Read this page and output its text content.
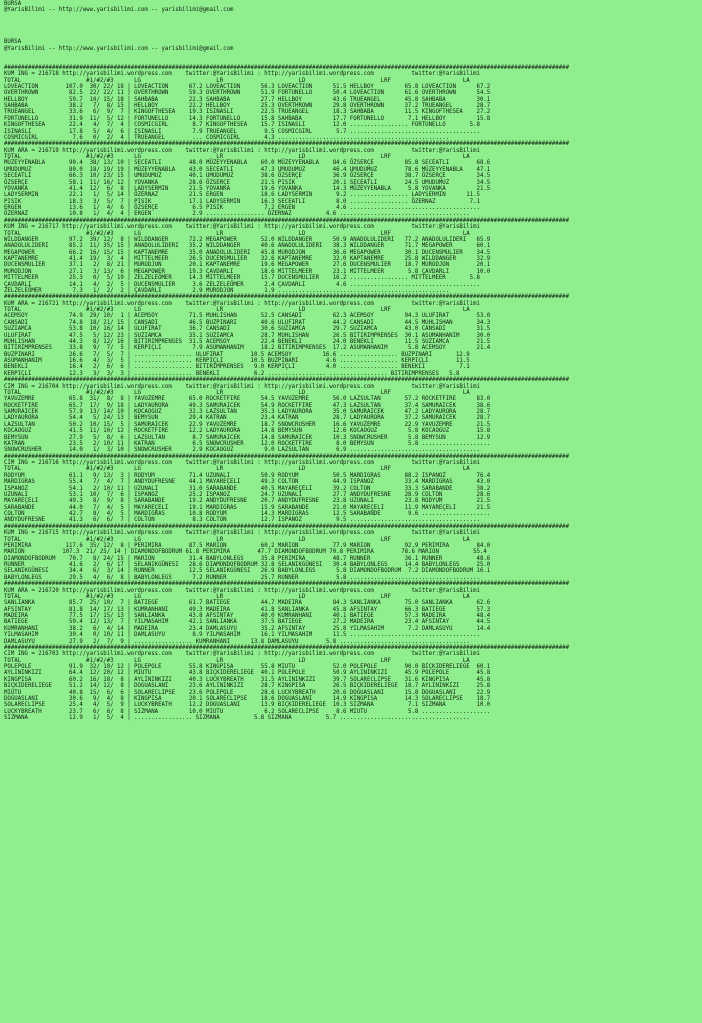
BURSA
@YarisBilimi -- http://www.yarisbilimi.com -- yarisbilimi@gmail.com

BURSA
@YarisBilimi -- http://www.yarisbilimi.com -- yarisbilimi@gmail.com

#####################################################################################################################################################################
KUM ING = 216718 http://yarisbilimi.wordpress.com    twitter:@YarisBilimi : http://yarisbilimi.wordpress.com           twitter:@YarisBilimi
TOTAL                   #1/#2/#3      LG                      LR                      LD                      LRF                     LA
LOVEACTION        107.0  30/ 22/ 18 | LOVEACTION      67.2 LOVEACTION      56.3 LOVEACTION      51.5 HELLBOY         65.8 LOVEACTION      67.2
OVERTHROWN         82.5  22/ 22/ 11 | OVERTHROWN      59.3 OVERTHROWN      51.9 FORTUNELLO      50.4 LOVEACTION      61.6 OVERTHROWN      54.5
HELLBOY            59.7  10/ 15/ 18 | SAHBABA         22.3 SAHBABA         27.7 HELLBOY         43.6 TRUEANGEL       45.8 SAHBABA         30.1
SAHBABA            38.2   7/  8/ 15 | HELLBOY         22.2 HELLBOY         25.3 OVERTHROWN      29.8 OVERTHROWN      37.2 TRUEANGEL       28.7
TRUEANGEL          33.6   6/  9/  7 | KINGOFTHESEA    19.3 ISINASLI        22.5 TRUEANGEL       18.3 SAHBABA         11.5 KINGOFTHESEA    27.2
FORTUNELLO         31.9  11/  5/ 12 | FORTUNELLO      14.3 FORTUNELLO      15.8 SAHBABA         17.7 FORTUNELLO       7.1 HELLBOY         15.8
KINGOFTHESEA       22.4   4/  7/  4 | COSMICGIRL       8.7 KINGOFTHESEA    15.7 ISINASLI        12.0 ................. FORTUNELLO       5.8
ISINASLI           17.8   5/  4/  6 | ISINASLI         7.9 TRUEANGEL        9.5 COSMICGIRL       5.7 ......................................
COSMICGIRL          7.6   0/  2/  4 | TRUEANGEL        ... COSMICGIRL       4.3 ..................................................
#####################################################################################################################################################################
KUM ARA = 216719 http://yarisbilimi.wordpress.com    twitter:@YarisBilimi : http://yarisbilimi.wordpress.com           twitter:@YarisBilimi
TOTAL                   #1/#2/#3      LG                      LR                      LD                      LRF                     LA
MÜZEYYENABLA       90.4  38/ 13/ 10 | SECEATLI        48.0 MÜZEYYENABLA    60.0 MÜZEYYENABLA    84.6 ÖZSERÇE         85.8 SECEATLI        68.6
UMUDUMUZ           80.0  18/ 19/ 19 | MÜZEYYENABLA    43.0 SECEATLI        47.3 UMUDUMUZ        46.4 UMUDUMUZ        78.6 MÜZEYYENABLA    47.1
SECEATLI           66.3  10/ 23/ 15 | UMUDUMUZ        40.1 UMUDUMUZ        38.6 ÖZSERÇE         36.9 ÖZSERÇE         38.7 ÖZSERÇE         34.5
ÖZSERÇE            58.1  11/ 16/ 12 | YOVANKA         28.6 ÖZSERÇE         21.5 PISIK           20.1 SECEATLI        24.5 UMUDUMUZ        34.5
YOVANKA            41.4  12/  6/  8 | LADYSERMIN      21.5 YOVANKA         19.6 YOVANKA         14.3 MÜZEYYENABLA     5.8 YOVANKA         21.5
LADYSERMIN         22.1   1/  5/ 14 | ÖZERNAZ         21.5 ERGEN           18.6 LADYSERMIN       9.2 ................. LADYSERMIN      11.5
PISIK              18.3   3/  5/  7 | PISIK           17.1 LADYSERMIN      16.3 SECEATLI         8.0 ................. ÖZERNAZ          7.1
ERGEN              13.6   1/  4/  6 | ÖZSERÇE          6.5 PISIK            7.2 ERGEN            4.6 ......................................
ÖZERNAZ            10.8   1/  4/  4 | ERGEN            2.9 ................. ÖZERNAZ          4.6 ......................................
#####################################################################################################################################################################
KUM ING = 216717 http://yarisbilimi.wordpress.com    twitter:@YarisBilimi : http://yarisbilimi.wordpress.com           twitter:@YarisBilimi
TOTAL                   #1/#2/#3      LG                      LR                      LD                      LRF                     LA
WILDDANGER         97.2  39/ 12/  8 | WILDDANGER      72.2 MEGAPOWER       52.0 WILDDANGER      50.9 ANADOLULIDERI   77.2 ANADOLULIDERI   65.9
ANADOLULIDERI      85.2  11/ 35/ 15 | ANADOLULIDERI   35.2 WILDDANGER      40.6 ANADOLULIDERI   38.3 WILDDANGER      71.7 MEGAPOWER       60.1
MEGAPOWER          66.2  16/ 15/ 15 | KAPTANEMRE      35.0 ANADOLULIDERI   45.8 MURODJON        36.6 MEGAPOWER       30.1 DUCENSMULIER    34.5
KAPTANEMRE         41.4  19/  3/  4 | MITTELMEER      26.5 DUCENSMULIER    32.6 KAPTANEMRE      32.0 KAPTANEMRE      25.8 WILDDANGER      32.9
DUCENSMULIER       37.1   2/  8/ 21 | MURODJON        20.1 KAPTANEMRE      19.6 MEGAPOWER       27.6 DUCENSMULIER    18.7 MURODJON        20.1
MURODJON           27.1   3/ 13/  6 | MEGAPOWER       19.3 ÇAVDARLI        18.6 MITTELMEER      23.1 MITTELMEER       5.8 ÇAVDARLI        10.0
MITTELMEER         25.3   0/  5/ 19 | ZELZELEÖMER     14.3 MITTELMEER      15.7 DUCENSMULIER    16.2 ................. MITTELMEER       5.8
ÇAVDARLI           14.1   4/  2/  5 | DUCENSMULIER     3.6 ZELZELEÖMER      2.4 ÇAVDARLI         4.6 ......................................
ZELZELEÖMER         7.3   1/  2/  2 | ÇAVDARLI         2.9 MURODJON         1.9 ..................................................
#####################################################################################################################################################################
KUM ARA = 216721 http://yarisbilimi.wordpress.com    twitter:@YarisBilimi : http://yarisbilimi.wordpress.com           twitter:@YarisBilimi
TOTAL                   #1/#2/#3      LG                      LR                      LD                      LRF                     LA
ACEMSOY            74.9  29/ 10/  1 | ACEMSOY         71.5 MUHLISHAN       52.5 CANSADI         62.3 ACEMSOY         94.3 ULUFIRAT        53.0
CANSADI            74.8  18/ 21/ 15 | CANSADI         46.5 BUZPINARI       40.6 ULUFIRAT        44.2 CANSADI         44.5 MUHLISHAN       34.3
SUZIAMCA           53.8  10/ 16/ 14 | ULUFIRAT        36.7 CANSADI         30.6 SUZIAMCA        29.7 SUZIAMCA        43.0 CANSADI         31.5
ULUFIRAT           47.5   5/ 12/ 23 | SUZIAMCA        35.1 SUZIAMCA        28.7 MUHLISHAN       26.5 BITIRIMPRENSES  30.1 ASUMANHANIM     30.0
MUHLISHAN          44.3   8/ 12/ 16 | BITIRIMPRENSES  31.5 ACEMSOY         22.4 BENEKLI         24.0 BENEKLI         11.5 SUZIAMCA        21.5
BITIRIMPRENSES     33.8   9/  7/  5 | KERPIÇLI         7.9 ASUMANHANIM     18.2 BITIRIMPRENSES  17.2 ASUMANHANIM      5.8 ACEMSOY         21.4
BUZPINARI          26.6   7/  5/  7 | ................. ULUFIRAT        10.5 ACEMSOY         16.6 ................. BUZPINARI       12.9
ASUMANHANIM        16.6   4/  3/  5 | ................. KERPIÇLI        10.5 BUZPINARI        4.6 ................. KERPIÇLI        11.5
BENEKLI            16.4   2/  6/  6 | ................. BITIRIMPRENSES   9.0 KERPIÇLI         4.0 ................. BENEKLI          7.1
KERPIÇLI           12.3   3/  3/  3 | ................. BENEKLI          6.2 ................. ................. BITIRIMPRENSES   5.8
#####################################################################################################################################################################
CIM ING = 216704 http://yarisbilimi.wordpress.com    twitter:@YarisBilimi : http://yarisbilimi.wordpress.com           twitter:@YarisBilimi
TOTAL                   #1/#2/#3      LG                      LR                      LD                      LRF                     LA
YAVUZEMRE          65.8  31/  8/  8 | YAVUZEMRE       65.0 ROCKETFIRE      54.5 YAVUZEMRE       56.0 LAZSULTAN       57.2 ROCKETFIRE      83.0
ROCKETFIRE         65.7  17/  9/ 18 | LADYAURORA      49.3 SAMURAICEK      54.9 ROCKETFIRE      47.3 LAZSULTAN       37.4 SAMURAICEK      38.6
SAMURAICEK         57.9  13/ 14/ 10 | KOCAOGUZ        32.3 LAZSULTAN       35.3 LADYAURORA      35.0 SAMURAICEK      47.2 LADYAURORA      28.7
LADYAURORA         54.4   5/ 24/ 13 | BEMYSUN         29.4 KATRAN          23.4 KATRAN          28.7 LADYAURORA      37.2 SAMURAICEK      28.7
LAZSULTAN          50.2  10/ 15/  5 | SAMURAICEK      22.9 YAVUZEMRE       18.7 SNOWCRUSHER     16.6 YAVUZEMRE       22.9 YAVUZEMRE       21.5
KOCAOGUZ           41.5  11/ 10/ 12 | ROCKETFIRE      12.2 LADYAURORA      14.8 BEMYSUN         12.6 KOCAOGUZ         5.8 KOCAOGUZ        15.8
BEMYSUN            27.9   5/  8/  6 | LAZSULTAN        8.7 SAMURAICEK      14.8 SAMURAICEK      10.3 SNOWCRUSHER      5.8 BEMYSUN         12.9
KATRAN             23.5   2/ 10/ 11 | KATRAN           6.5 SNOWCRUSHER     12.0 ROCKETFIRE       8.0 BEMYSUN          5.8 ....................
SNOWCRUSHER        14.0   1/  3/ 10 | SNOWCRUSHER      2.9 KOCAOGUZ         9.0 LAZSULTAN        6.9 ......................................
#####################################################################################################################################################################
CIM ING = 216716 http://yarisbilimi.wordpress.com    twitter:@YarisBilimi : http://yarisbilimi.wordpress.com           twitter:@YarisBilimi
TOTAL                   #1/#2/#3      LG                      LR                      LD                      LRF                     LA
RODYUM             61.1   9/ 13/  3 | RODYUM          71.4 UZUNALI         50.9 RODYUM          50.5 MARDIGRAS       88.2 ISPANOZ         76.4
MARDIGRAS          55.4   7/  4/  7 | ANDYDUFRESNE    44.1 MAYAREÇELI      49.3 COLTON          44.9 ISPANOZ         33.4 MARDIGRAS       43.0
ISPANOZ            54.1   2/ 10/ 11 | UZUNALI         31.0 SARABANDE       40.5 MAYAREÇELI      39.2 COLTON          33.3 SARABANDE       38.2
UZUNALI            53.1  10/  7/  6 | ISPANOZ         25.2 ISPANOZ         24.7 UZUNALI         27.7 ANDYDUFRESNE    28.9 COLTON          28.6
MAYAREÇELI         49.3   8/  9/  8 | SARABANDE       19.2 ANDYDUFRESNE    20.7 ANDYDUFRESNE    23.8 UZUNALI         23.8 RODYUM          21.5
SARABANDE          44.0   7/  4/  5 | MAYAREÇELI      19.1 MARDIGRAS       15.9 SARABANDE       21.0 MAYAREÇELI      11.9 MAYAREÇELI      21.5
COLTON             42.7   8/  4/  5 | MARDIGRAS       10.8 RODYUM          14.3 MARDIGRAS       12.5 SARABANDE        9.6 ....................
ANDYDUFRESNE       41.3   6/  6/  7 | COLTON           8.3 COLTON          12.7 ISPANOZ          9.5 ......................................
#####################################################################################################################################################################
KUM ING = 216715 http://yarisbilimi.wordpress.com    twitter:@YarisBilimi : http://yarisbilimi.wordpress.com           twitter:@YarisBilimi
TOTAL                   #1/#2/#3      LG                      LR                      LD                      LRF                     LA
PERIMIRA          117.6  35/ 12/  8 | PERIMIRA        87.5 MARION          60.2 MARION          77.9 MARION          92.9 PERIMIRA        84.0
MARION           107.3  21/ 25/ 14 | DIAMONDOFBODRUM 61.8 PERIMIRA        47.7 DIAMONDOFBODRUM 70.8 PERIMIRA        78.6 MARION          55.4
DIAMONDOFBODRUM    70.7   8/ 24/ 15 | MARION          31.4 BABYLONLEGS     35.8 PERIMIRA        48.7 RUNNER          36.1 RUNNER          48.6
RUNNER             41.6   2/  6/ 17 | SELANIKGÜNESI   28.6 DIAMONDOFBODRUM 32.8 SELANIKGÜNESI   30.4 BABYLONLEGS     14.4 BABYLONLEGS     25.0
SELANIKGÜNESI      34.4   6/  3/ 14 | RUNNER          12.5 SELANIKGÜNESI   26.9 BABYLONLEGS      5.8 DIAMONDOFBODRUM  7.2 DIAMONDOFBODRUM 16.1
BABYLONLEGS        29.5   4/  6/  8 | BABYLONLEGS      7.2 RUNNER          25.7 RUNNER           5.8 ......................................
#####################################################################################################################################################################
KUM ARA = 216720 http://yarisbilimi.wordpress.com    twitter:@YarisBilimi : http://yarisbilimi.wordpress.com           twitter:@YarisBilimi
TOTAL                   #1/#2/#3      LG                      LR                      LD                      LRF                     LA
SANLIANKA          85.7  25/ 10/  7 | BATIEGE         61.7 BATIEGE         44.7 MADEIRA         84.3 SANLIANKA       75.0 SANLIANKA       62.6
AFSINTAY           81.8  14/ 17/ 13 | KUMRANHANI      49.3 MADEIRA         41.8 SANLIANKA       45.8 AFSINTAY        66.3 BATIEGE         57.3
MADEIRA            77.5  17/ 15/ 13 | SANLIANKA       43.8 AFSINTAY        40.0 KUMRANHANI      40.1 BATIEGE         57.3 MADEIRA         48.4
BATIEGE            59.4  12/ 13/  7 | YILMASAHIM      42.1 SANLIANKA       37.5 BATIEGE         27.2 MADEIRA         23.4 AFSINTAY        44.5
KUMRANHANI         38.2   6/  4/ 14 | MADEIRA         23.4 DAMLASUYU       35.2 AFSINTAY        25.8 YILMASAHIM       7.2 DAMLASUYU       14.4
YILMASAHIM         30.4   0/ 10/ 11 | DAMLASUYU        8.9 YILMASAHIM      16.1 YILMASAHIM      11.5 ......................................
DAMLASUYU          27.9   2/  7/  9 | ................. KUMRANHANI      13.8 DAMLASUYU        5.8 ......................................
#####################################################################################################################################################################
CIM ING = 216703 http://yarisbilimi.wordpress.com    twitter:@YarisBilimi : http://yarisbilimi.wordpress.com           twitter:@YarisBilimi
TOTAL                   #1/#2/#3      LG                      LR                      LD                      LRF                     LA
POLEPOLE           91.9  32/ 10/ 12 | POLEPOLE        55.8 KINGPISA        55.8 MIUTU           52.0 POLEPOLE        90.0 BIÇKIDERELIEGE  60.1
AYLININKIZI        64.4  12/ 20/ 12 | MIUTU           43.8 BIÇKIDERELIEGE  40.1 POLEPOLE        50.9 AYLININKIZI     45.9 POLEPOLE        45.8
KINGPISA           60.2  16/ 18/  8 | AYLININKIZI     40.3 LUCKYBREATH     31.5 AYLININKIZI     39.7 SOLARECLIPSE    31.6 KINGPISA        45.8
BIÇKIDERELIEGE     51.2  14/ 12/  8 | DOGUASLANI      23.6 AYLININKIZI     28.7 KINGPISA        26.5 BIÇKIDERELIEGE  18.7 AYLININKIZI     25.8
MIUTU              40.8  15/  6/  6 | SOLARECLIPSE    23.6 POLEPOLE        28.6 LUCKYBREATH     20.6 DOGUASLANI      15.8 DOGUASLANI      22.9
DOGUASLANI         30.6   9/  4/  8 | KINGPISA        20.1 SOLARECLIPSE    18.6 DOGUASLANI      14.9 KINGPISA        14.3 SOLARECLIPSE    18.7
SOLARECLIPSE       25.4   4/  5/  9 | LUCKYBREATH     12.2 DOGUASLANI      13.9 BIÇKIDERELIEGE  10.3 SIZMANA          7.1 SIZMANA         10.0
LUCKYBREATH        23.7   6/  6/  8 | SIZMANA         10.0 MIUTU            6.2 SOLARECLIPSE     8.6 MIUTU            5.8 ....................
SIZMANA            12.9   1/  5/  4 | ................. SIZMANA          5.8 SIZMANA          5.7 ......................................
